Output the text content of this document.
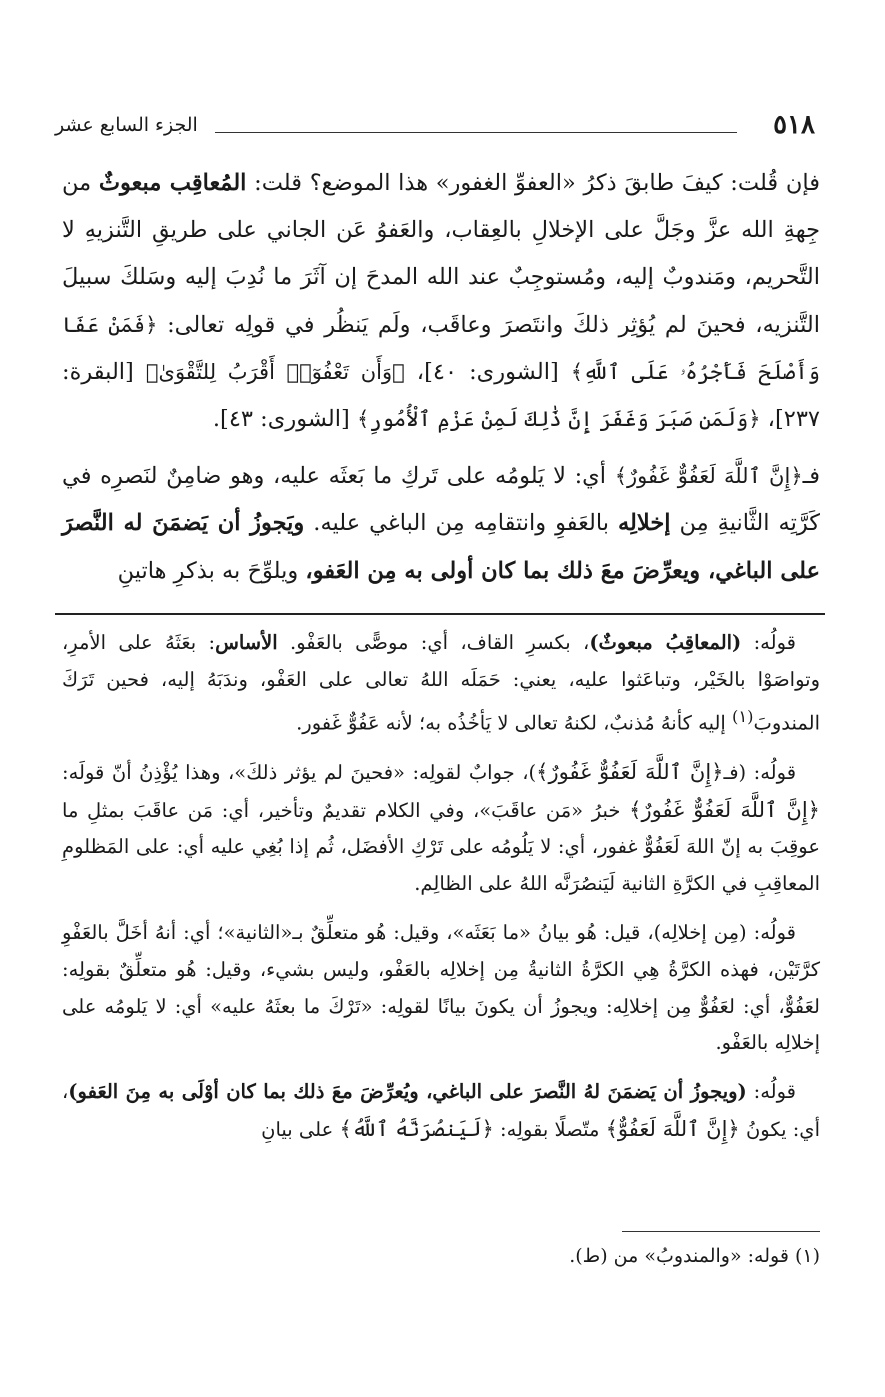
٥١٨
الجزء السابع عشر

فإن قُلت: كيفَ طابقَ ذكرُ «العفوِّ الغفور» هذا الموضع؟ قلت: المُعاقِب مبعوثٌ من جِهةِ الله عزَّ وجَلَّ على الإخلالِ بالعِقاب، والعَفوُ عَن الجاني على طريقِ التَّنزيهِ لا التَّحريم، ومَندوبٌ إليه، ومُستوجِبٌ عند الله المدحَ إن آثَرَ ما نُدِبَ إليه وسَلكَ سبيلَ التَّنزيه، فحينَ لم يُؤثِر ذلكَ وانتَصرَ وعاقَب، ولَم يَنظُر في قولِه تعالى: ﴿فَمَنْ عَفَا وَأَصْلَحَ فَأَجْرُهُۥ عَلَى ٱللَّهِ﴾ [الشورى: ٤٠]، ﴿وَأَن تَعْفُوٓا۟ أَقْرَبُ لِلتَّقْوَىٰ﴾ [البقرة: ٢٣٧]، ﴿وَلَمَن صَبَرَ وَغَفَرَ إِنَّ ذَٰلِكَ لَمِنْ عَزْمِ ٱلْأُمُورِ﴾ [الشورى: ٤٣].

فـ﴿إِنَّ ٱللَّهَ لَعَفُوٌّ غَفُورٌ﴾ أي: لا يَلومُه على تَركِ ما بَعثَه عليه، وهو ضامِنٌ لنَصرِه في كَرَّتِه الثَّانيةِ مِن إخلالِه بالعَفوِ وانتقامِه مِن الباغي عليه. ويَجوزُ أن يَضمَنَ له النَّصرَ على الباغي، ويعرِّضَ معَ ذلك بما كان أولى به مِن العَفو، ويلوِّحَ به بذكرِ هاتينِ

قولُه: (المعاقِبُ مبعوثٌ)، بكسرِ القاف، أي: موصًّى بالعَفْو. الأساس: بعَثَهُ على الأمرِ، وتواصَوْا بالخَيْر، وتباعَثوا عليه، يعني: حَمَلَه اللهُ تعالى على العَفْو، وندَبَهُ إليه، فحين تَرَكَ المندوبَ$^{(١)}$ إليه كأنهُ مُذنبٌ، لكنهُ تعالى لا يَأخُذُه به؛ لأنه عَفُوٌّ غَفور.

قولُه: (فـ﴿إِنَّ ٱللَّهَ لَعَفُوٌّ غَفُورٌ﴾)، جوابٌ لقولِه: «فحينَ لم يؤثر ذلكَ»، وهذا يُؤْذِنُ أنّ قولَه: ﴿إِنَّ ٱللَّهَ لَعَفُوٌّ غَفُورٌ﴾ خبرُ «مَن عاقَبَ»، وفي الكلام تقديمٌ وتأخير، أي: مَن عاقَبَ بمثلِ ما عوقِبَ به إنّ اللهَ لَعَفُوٌّ غفور، أي: لا يَلُومُه على تَرْكِ الأفضَل، ثُم إذا بُغِي عليه أي: على المَظلومِ المعاقِبِ في الكرَّةِ الثانية لَيَنصُرَنَّه اللهُ على الظالِم.

قولُه: (مِن إخلالِه)، قيل: هُو بيانُ «ما بَعَثَه»، وقيل: هُو متعلِّقٌ بـ«الثانية»؛ أي: أنهُ أخَلَّ بالعَفْوِ كرَّتَيْن، فهذه الكرَّةُ هِي الكرَّةُ الثانيةُ مِن إخلالِه بالعَفْو، وليس بشيء، وقيل: هُو متعلِّقٌ بقولِه: لعَفُوٌّ، أي: لعَفُوٌّ مِن إخلالِه: ويجوزُ أن يكونَ بيانًا لقولِه: «تَرْكَ ما بعثَهُ عليه» أي: لا يَلومُه على إخلالِه بالعَفْو.

قولُه: (ويجوزُ أن يَضمَنَ لهُ النَّصرَ على الباغي، ويُعرِّضَ معَ ذلك بما كان أوْلَى به مِنَ العَفو)، أي: يكونُ ﴿إِنَّ ٱللَّهَ لَعَفُوٌّ﴾ متّصلًا بقولِه: ﴿لَيَنصُرَنَّهُ ٱللَّهُ﴾ على بيانِ

(١) قوله: «والمندوبُ» من (ط).
